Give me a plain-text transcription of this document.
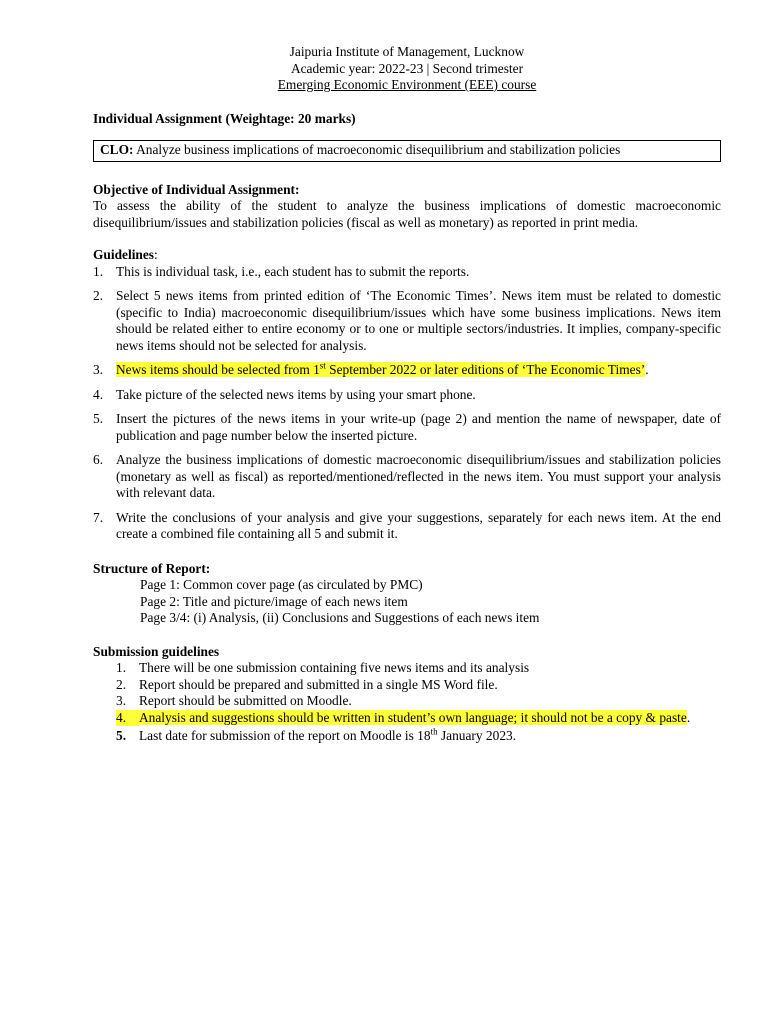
Jaipuria Institute of Management, Lucknow
Academic year: 2022-23 | Second trimester
Emerging Economic Environment (EEE) course
Individual Assignment (Weightage: 20 marks)
CLO: Analyze business implications of macroeconomic disequilibrium and stabilization policies
Objective of Individual Assignment:
To assess the ability of the student to analyze the business implications of domestic macroeconomic disequilibrium/issues and stabilization policies (fiscal as well as monetary) as reported in print media.
Guidelines:
1. This is individual task, i.e., each student has to submit the reports.
2. Select 5 news items from printed edition of ‘The Economic Times’. News item must be related to domestic (specific to India) macroeconomic disequilibrium/issues which have some business implications. News item should be related either to entire economy or to one or multiple sectors/industries. It implies, company-specific news items should not be selected for analysis.
3. News items should be selected from 1st September 2022 or later editions of ‘The Economic Times’.
4. Take picture of the selected news items by using your smart phone.
5. Insert the pictures of the news items in your write-up (page 2) and mention the name of newspaper, date of publication and page number below the inserted picture.
6. Analyze the business implications of domestic macroeconomic disequilibrium/issues and stabilization policies (monetary as well as fiscal) as reported/mentioned/reflected in the news item. You must support your analysis with relevant data.
7. Write the conclusions of your analysis and give your suggestions, separately for each news item. At the end create a combined file containing all 5 and submit it.
Structure of Report:
Page 1: Common cover page (as circulated by PMC)
Page 2: Title and picture/image of each news item
Page 3/4: (i) Analysis, (ii) Conclusions and Suggestions of each news item
Submission guidelines
1. There will be one submission containing five news items and its analysis
2. Report should be prepared and submitted in a single MS Word file.
3. Report should be submitted on Moodle.
4. Analysis and suggestions should be written in student’s own language; it should not be a copy & paste.
5. Last date for submission of the report on Moodle is 18th January 2023.
